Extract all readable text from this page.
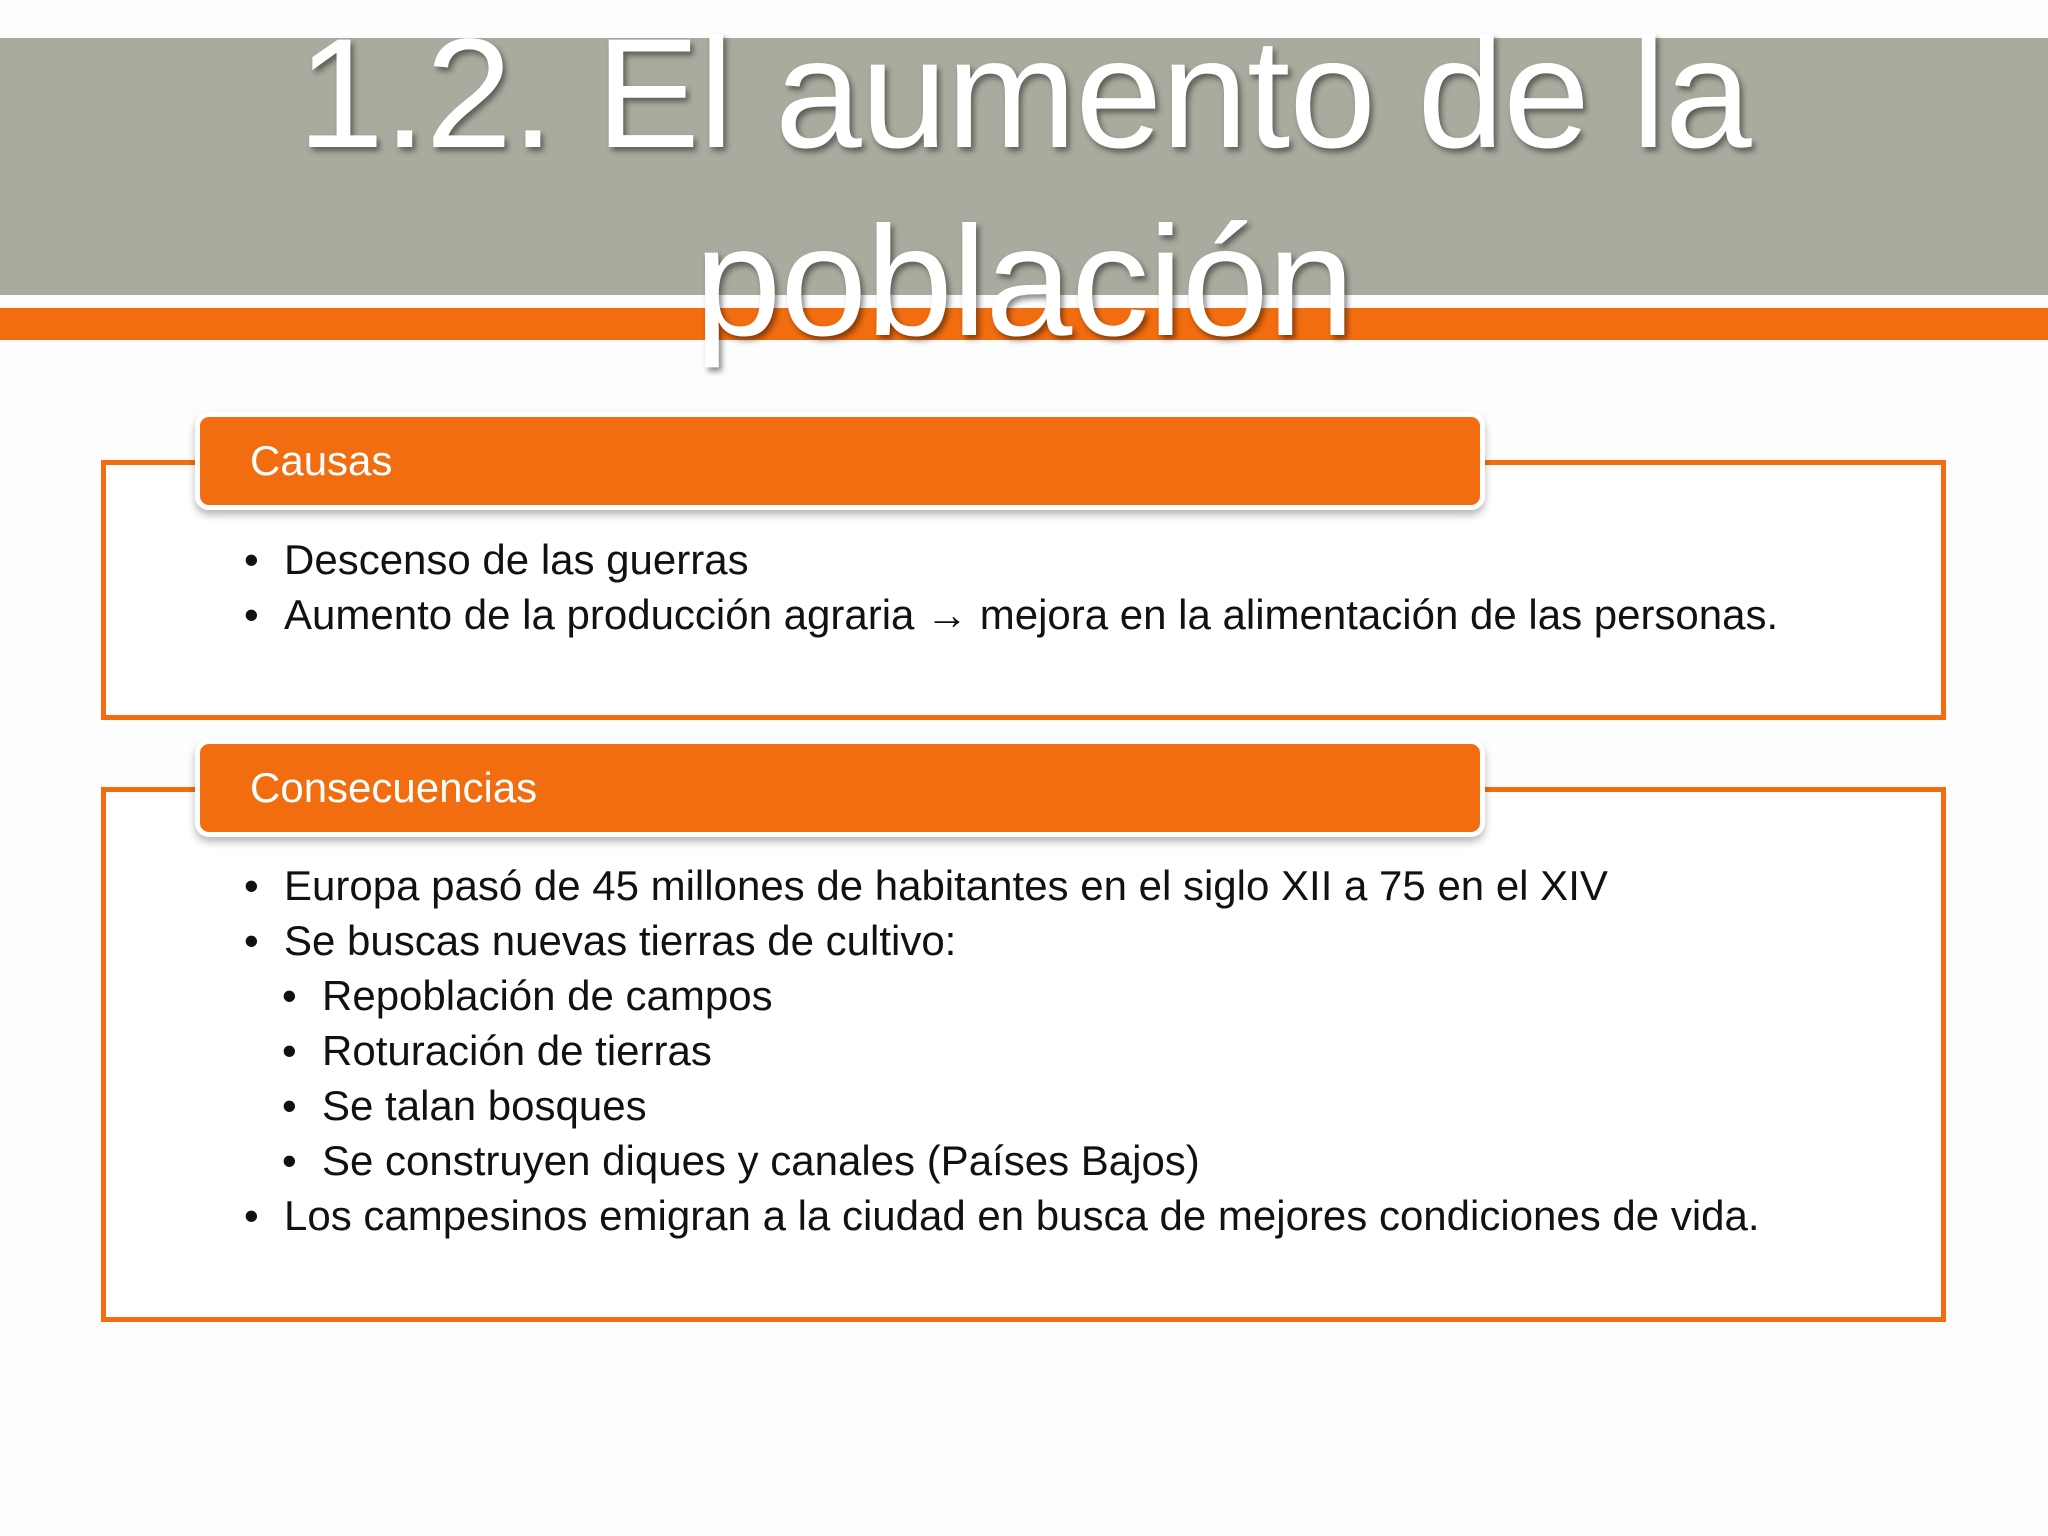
1.2. El aumento de la
población
Causas
• Descenso de las guerras
• Aumento de la producción agraria → mejora en la alimentación de las personas.
Consecuencias
• Europa pasó de 45 millones de habitantes en el siglo XII a 75 en el XIV
• Se buscas nuevas tierras de cultivo:
• Repoblación de campos
• Roturación de tierras
• Se talan bosques
• Se construyen diques y canales (Países Bajos)
• Los campesinos emigran a la ciudad en busca de mejores condiciones de vida.
